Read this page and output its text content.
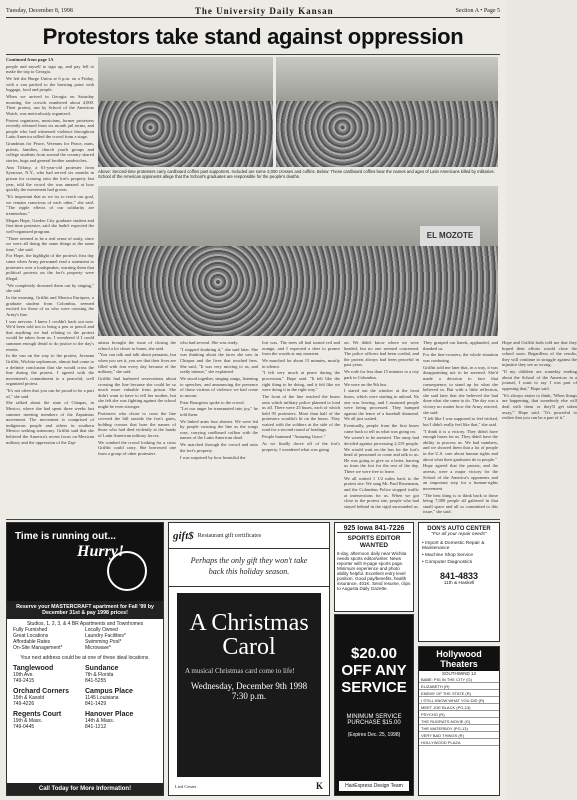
Tuesday, December 8, 1998	The University Daily Kansan	Section A • Page 5
Protestors take stand against oppression

Continued from page 1A

people and myself to sign up, and pay fell to make the trip to Georgia.

We left the Burge Union at 6 p.m. on a Friday, with a van packed to the bursting point with luggage, food and people.

When we arrived in Georgia on Saturday morning, the crowds numbered about 4,000. Their protest, run by School of the Americas Watch, was meticulously organized.

Protest organizers, musicians, former protesters recently released from six month jail terms, and people who had witnessed violence throughout Latin America rallied the crowd from a stage.

Grandmas for Peace, Veterans for Peace, nuns, priests, families, church youth groups and college students from around the country shared stories, hugs and general brother sandwiches.

Ann Tiffany, a 61-year-old protester from Syracuse, N.Y., who had served six months in prison for crossing onto the fort's property last year, told the crowd she was amazed at how quickly the movement had grown.

"It's important that as we try to reach our goal, we remain conscious of each other," she said. "The ripple effects of our solidarity are tremendous."

Megan Hope, Garden City graduate student and first-time protester, said she hadn't expected the well-organized program.

"There seemed to be a real sense of unity, since we were all doing the same things at the same time," she said.

For Hope, the highlight of the protest's first day came when Army personnel read a statement to protesters over a loudspeaker, warning them that political protests on the fort's property were illegal.

"We completely drowned them out by singing," she said.

In the morning, Griffitt and Monica Enriquez, a graduate student from Colombia, seemed excited for those of us who were crossing the Army's line.

I was nervous. I knew I couldn't back out now. We'd been told not to bring a pen or pencil and that anything we had relating to the protest would be taken from us. I wondered if I could summon enough detail to do justice to the day's events.

In the van on the way to the protest, Jovanna Griffitt, Wichita sophomore, almost had come to a definite conclusion that she would cross the line during the protest. I agreed with the movement's commitment to a peaceful, well organized protest.

"It's not often that you can be proud to be a part of," she said.

She talked about the state of Chiapas, in Mexico, where she had spent three weeks last summer meeting members of the Zapatistas movement. The movement is comprised of indigenous people and others in southern Mexico seeking autonomy. Griffitt said that she believed the America's recent focus on Mexican military and the oppression of the Zap-

Above: Second-time protesters carry cardboard coffins past supporters. Included are some 3,000 crosses and coffins. Below: These cardboard coffins bear the names and ages of Latin Americans killed by militaries. School of the Americas opponents allege that the School's graduates are responsible for the people's deaths.
EL MOZOTE

atistas brought the issue of closing the school a lot closer to home, she said.

"You can talk and talk about peasants, but when you see it, you see that their lives are filled with fear every day because of the military," she said.

Griffitt had harbored reservations about crossing the line because she could be so much more valuable from prison. She didn't want to have to tell her mother, but she felt she was fighting against the school might be even stronger.

Protesters who chose to cross the line covered the hill outside the fort's gates, holding crosses that bore the names of those who had died violently at the hands of Latin American military forces.

We combed the crowd looking for a cross Griffitt could carry. She borrowed one from a group of other protesters

who had several. She was ready.

"I stopped doubting it," she said later. She was thinking about the faces she saw in Chiapas and the lives that touched hers. She said, "It was very moving to us, and really intense," she explained.

We stood together, singing songs, listening to speeches, and announcing the presence of those victims of violence we had come to mourn.

Friar Bourgeois spoke to the crowd.

"Let our anger be transmuted into joy," he told them.

We linked arms four abreast. We were led by people crossing the line as the songs rose, carrying cardboard coffins with the names of the Latin American dead.

We marched through the crowd and onto the fort's property.

I was surprised by how beautiful the

fort was. The trees all had turned red and orange, and I expected a deer to prance from the woods at any moment.

We marched for about 15 minutes, mostly in silence.

"I felt very much at peace during the procession," Hope said. "It felt like the right thing to be doing, and it felt like we were doing it in the right way."

The front of the line reached the buses onto which military police planned to load us all. There were 25 buses, each of which held 95 protesters. More than half of the protesters wouldn't fit on the buses. They waited with the soldiers at the side of the road for a second round of loadings.

People hummed "Amazing Grace."

As we finally drove off of the fort's property, I wondered what was going

on. We didn't know where we were headed, but no one seemed concerned. The police officers had been cordial, and the protest always had been peaceful in past years.

We rode for less than 15 minutes to a city park in Columbus.

We were on the 9th bus.

I stared out the window at the front buses, which were starting to unload. No one was leaving, and I assumed people were being processed. They bumped against the fence of a baseball diamond. We all just waited.

Eventually, people from the first buses came back to tell us what was going on.

We weren't to be arrested. The army had decided against processing 2,319 people. We would wait on the bus for the fort's head of personnel to come and talk to us. He was going to give us a letter, barring us from the fort for the rest of the day. There we were free to leave.

We all waited 1 1/2 miles back to the protest site. We sang Mr. Paul Rosemann, and the Columbus Police stopped traffic at intersections for us. When we got close to the protest site, people who had stayed behind in the rigid surrounded us. They grasped our hands, applauded, and thanked us.

For the line-crossers, the whole situation was confusing.

Griffitt told me later that, in a way, it was disappointing not to be arrested. She'd made a decision to face that consequence, to stand up for what she believed in. But with a little reflection, she said later that she believed she had done what she came to do. The day was a victory no matter how the Army reacted, she said.

"I felt like I was supposed to feel tricked, but I didn't really feel like that," she said.

"I think it is a victory. They didn't have enough buses for us. They didn't have the ability to process us. We had numbers, and we showed them that a lot of people in the U.S. care about human rights and about what their graduates do to people."

Hope agreed that the protest, and the arrests, were a major victory for the School of the America's opponents and an important step for a human-rights movement.

"The best thing is to think back to those being 7,000 people all gathered in that small space and all so committed to this issue," she said.

Hope and Griffitt both told me that they hoped their efforts would close the school soon. Regardless of the results, they will continue to struggle against the injustice they see as wrong.

"If my children are someday reading about the School of the Americas in a journal, I want to say I was part of opposing that," Hope said.

"It's always easier to think, 'When things are happening, that somebody else will deal with them or they'll get taken away,'" Hope said. "It's powerful to realize that you can be a part of it."

Time is running out...
Hurry!
Reserve your MASTERCRAFT apartment for Fall '99 by December 31st & pay 1998 prices!
Studios, 1, 2, 3, & 4 BR Apartments and Townhomes
Fully Furnished	Locally Owned
Great Locations	Laundry Facilities*
Affordable Rates	Swimming Pool*
On-Site Management*	Microwave*
Your next address could be at one of these ideal locations.
Tanglewood
10th Ave.
749-2415
Sundance
7th & Florida
841-5255
Orchard Corners
15th & Kasold
749-4226
Campus Place
1145 Louisiana
841-1429
Regents Court
19th & Mass.
749-0445
Hanover Place
14th & Mass.
841-1212
Call Today for More Information!
gift$ Restaurant gift certificates
Perhaps the only gift they won't take back this holiday season.
A Christmas Carol
A musical Christmas card come to life!
Wednesday, December 9th 1998 7:30 p.m.
Lied Center	K
925 Iowa 841-7226
SPORTS EDITOR WANTED
6-day, afternoon daily near Wichita needs sports editor/writer. News reporter with 8-page sports page. Minimum experience and photo ability helpful. Excellent entry level position. Good pay/benefits, health insurance, 401K. Send resume, clips to Augusta Daily Gazette.
$20.00 OFF ANY SERVICE
MINIMUM SERVICE
PURCHASE $15.00
(Expires Dec. 25, 1998)
HairExpress Design Team
DON'S AUTO CENTER
"For all your repair needs"
• Import & Domestic Repair & Maintenance
• Machine Shop Service
• Computer Diagnostics
841-4833
11th & Haskell
Hollywood Theaters
SOUTHWIND 12
BABE: PIG IN THE CITY (G)
ELIZABETH (R)
ENEMY OF THE STATE (R)
I STILL KNOW WHAT YOU DID (R)
MEET JOE BLACK (PG-13)
PSYCHO (R)
THE RUGRATS MOVIE (G)
THE WATERBOY (PG-13)
VERY BAD THINGS (R)
HOLLYWOOD PLAZA
